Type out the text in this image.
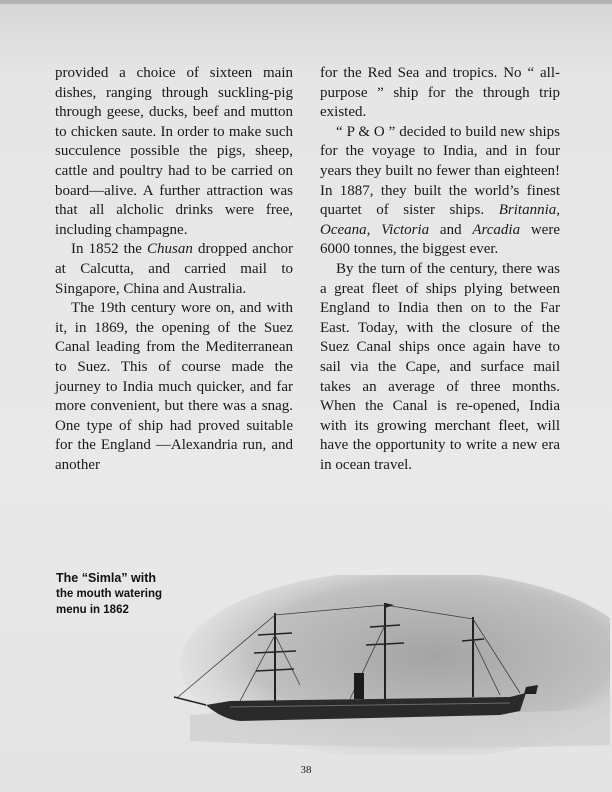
provided a choice of sixteen main dishes, ranging through suckling-pig through geese, ducks, beef and mutton to chicken saute. In order to make such succulence possible the pigs, sheep, cattle and poultry had to be carried on board—alive. A further attraction was that all alcholic drinks were free, including champagne.

In 1852 the Chusan dropped anchor at Calcutta, and carried mail to Singapore, China and Australia.

The 19th century wore on, and with it, in 1869, the opening of the Suez Canal leading from the Mediterranean to Suez. This of course made the journey to India much quicker, and far more convenient, but there was a snag. One type of ship had proved suitable for the England —Alexandria run, and another

for the Red Sea and tropics. No “ all-purpose ” ship for the through trip existed.

“ P & O ” decided to build new ships for the voyage to India, and in four years they built no fewer than eighteen! In 1887, they built the world’s finest quartet of sister ships. Britannia, Oceana, Victoria and Arcadia were 6000 tonnes, the biggest ever.

By the turn of the century, there was a great fleet of ships plying between England to India then on to the Far East. Today, with the closure of the Suez Canal ships once again have to sail via the Cape, and surface mail takes an average of three months. When the Canal is re-opened, India with its growing merchant fleet, will have the opportunity to write a new era in ocean travel.

The “Simla” with
the mouth watering
menu in 1862
38
